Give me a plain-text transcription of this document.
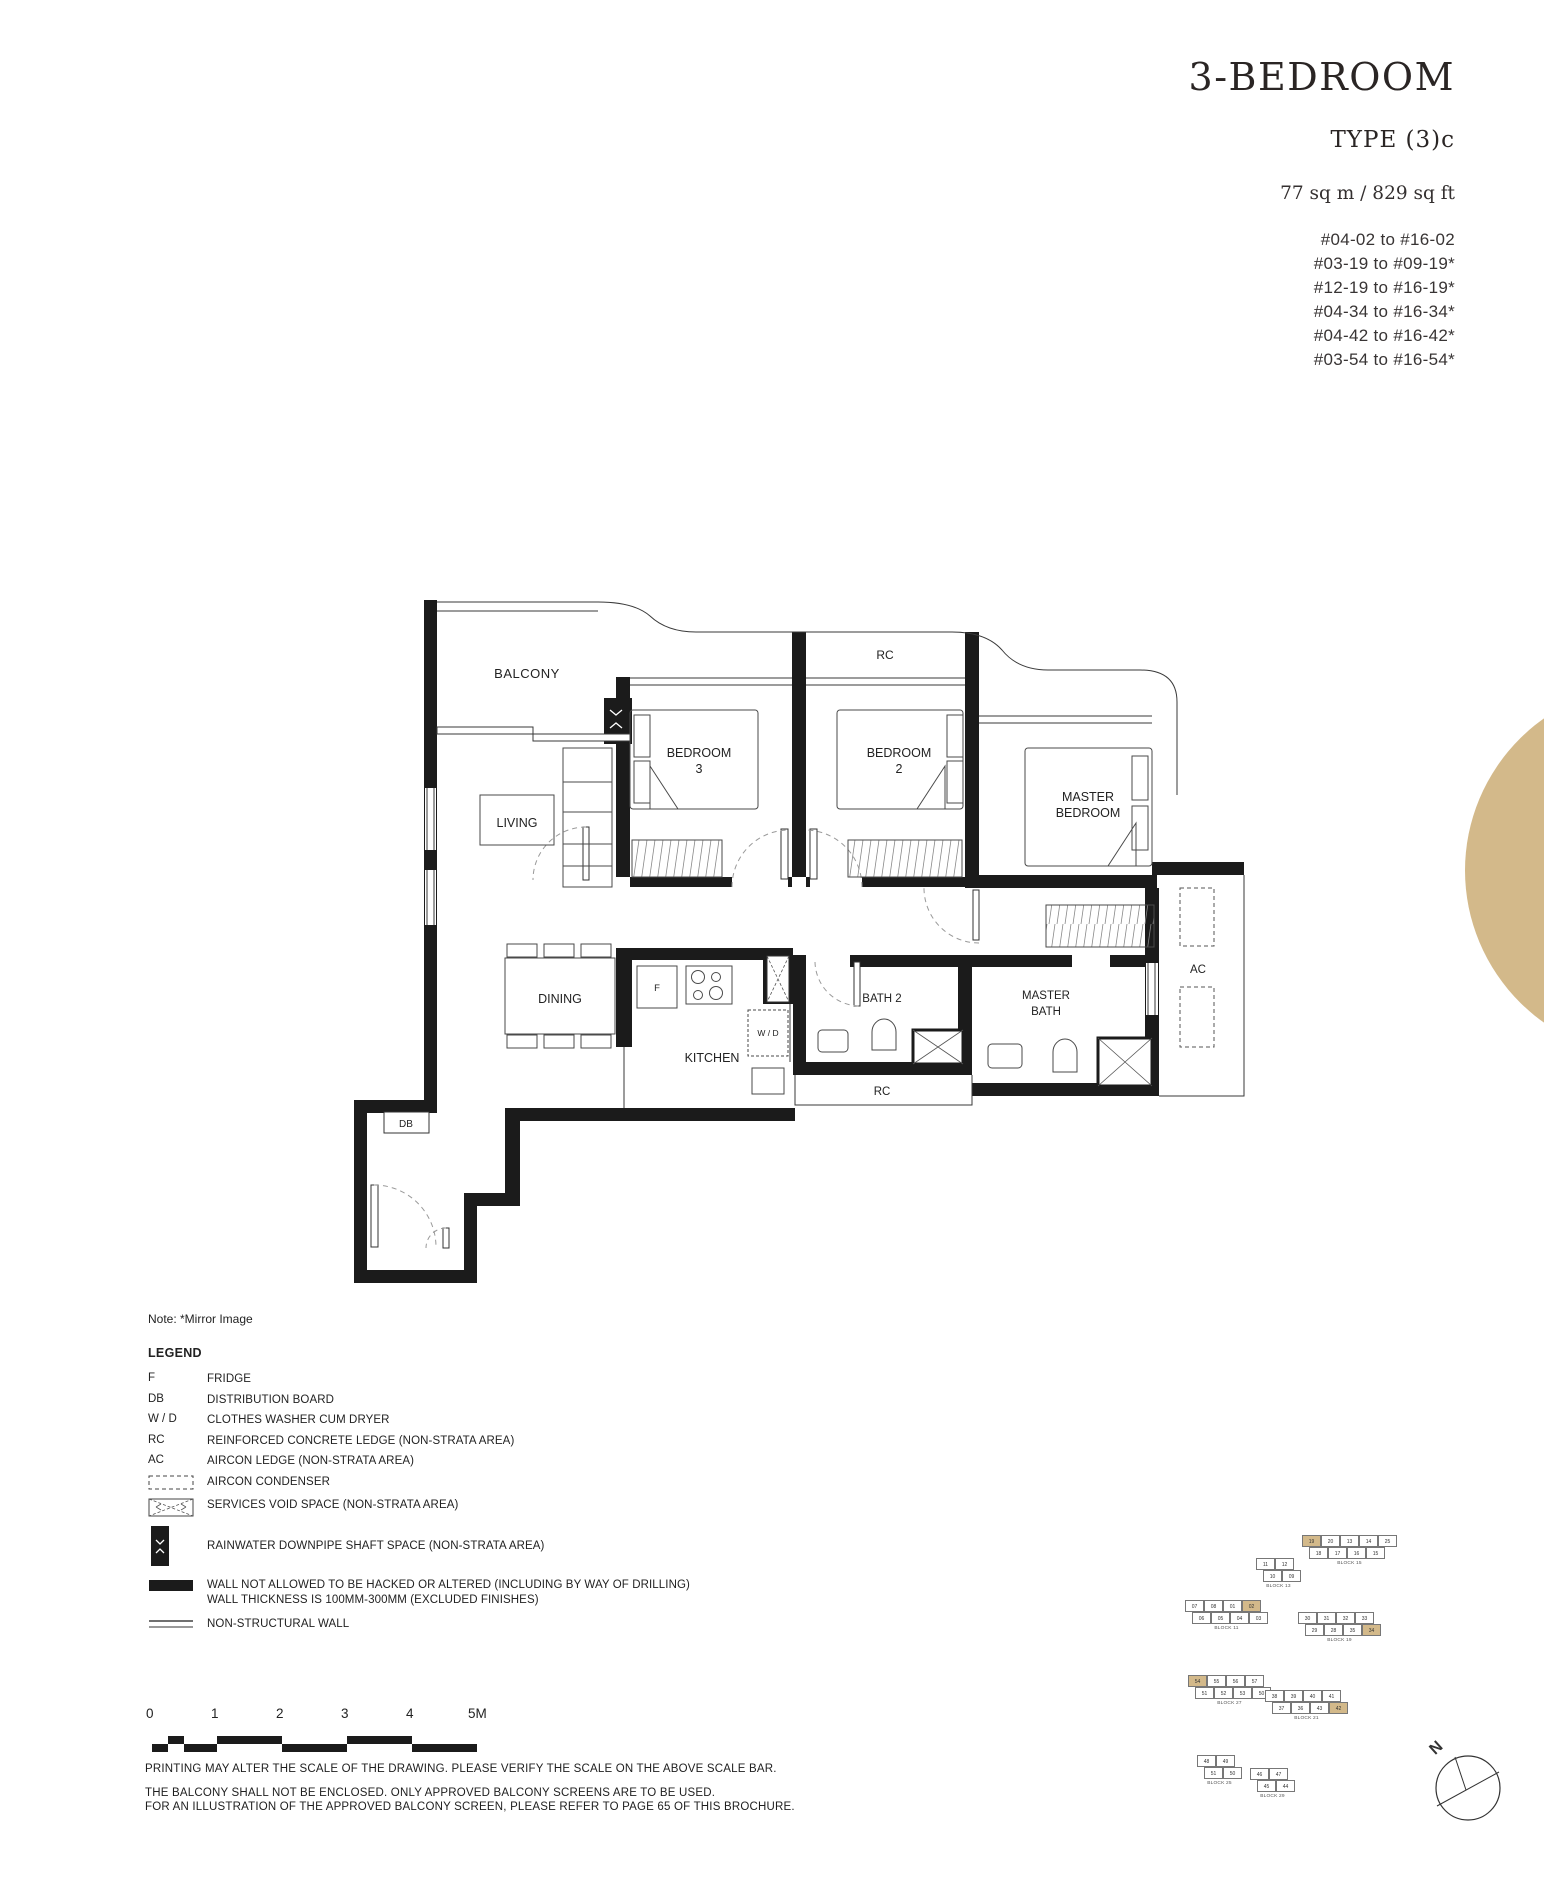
3-BEDROOM
TYPE (3)c
77 sq m / 829 sq ft
#04-02 to #16-02
#03-19 to #09-19*
#12-19 to #16-19*
#04-34 to #16-34*
#04-42 to #16-42*
#03-54 to #16-54*
BALCONY
RC
BEDROOM
3
BEDROOM
2
MASTER
BEDROOM
LIVING
DINING
KITCHEN
BATH 2	MASTER
BATH
AC
RC
DB
F
W / D
Note: *Mirror Image
LEGEND
F	FRIDGE
DB	DISTRIBUTION BOARD
W / D	CLOTHES WASHER CUM DRYER
RC	REINFORCED CONCRETE LEDGE (NON-STRATA AREA)
AC	AIRCON LEDGE (NON-STRATA AREA)
AIRCON CONDENSER
SERVICES VOID SPACE (NON-STRATA AREA)
RAINWATER DOWNPIPE SHAFT SPACE (NON-STRATA AREA)
WALL NOT ALLOWED TO BE HACKED OR ALTERED (INCLUDING BY WAY OF DRILLING)
WALL THICKNESS IS 100MM-300MM (EXCLUDED FINISHES)
NON-STRUCTURAL WALL
0	1	2	3	4	5M
PRINTING MAY ALTER THE SCALE OF THE DRAWING. PLEASE VERIFY THE SCALE ON THE ABOVE SCALE BAR.
THE BALCONY SHALL NOT BE ENCLOSED. ONLY APPROVED BALCONY SCREENS ARE TO BE USED.
FOR AN ILLUSTRATION OF THE APPROVED BALCONY SCREEN, PLEASE REFER TO PAGE 65 OF THIS BROCHURE.
19	20	13	14	25
18	17	16	15
BLOCK 15
11	12
10	09
BLOCK 13
07	08	01	02
06	05	04	03
BLOCK 11
30	31	32	33
29	28	35	34
BLOCK 19
54	55	56	57
51	52	53	50
BLOCK 27
38	39	40	41
37	36	43	42
BLOCK 21
48	49
51	50
BLOCK 25
46	47
45	44
BLOCK 29
N
